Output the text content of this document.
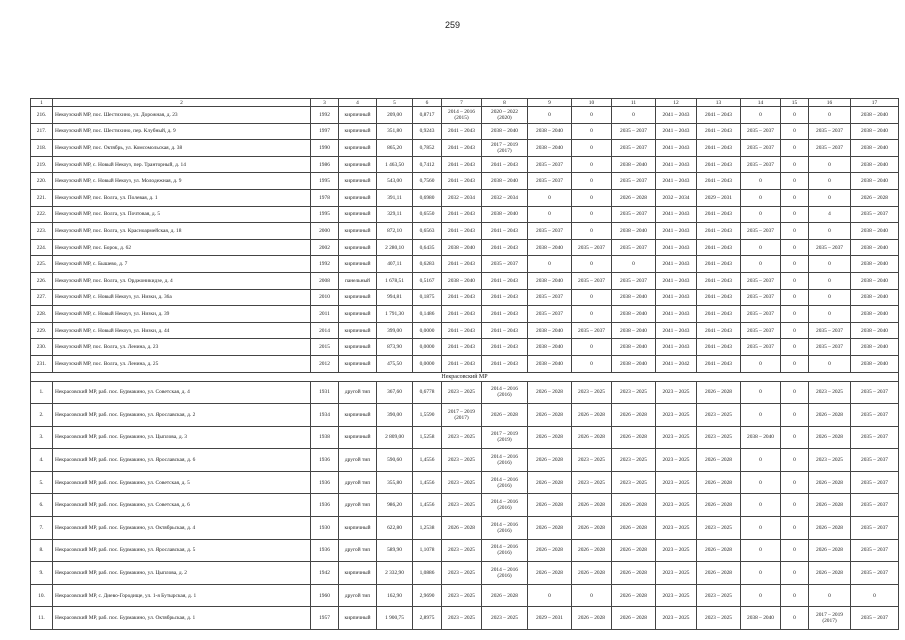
259
1	2	3	4	5	6	7	8	9	10	11	12	13	14	15	16	17
216.	Некоузский МР, пос. Шестихино, ул. Дорожная, д. 23	1992	кирпичный	209,00	0,8717	2014 – 2016 (2015)	2020 – 2022 (2020)	0	0	0	2041 – 2043	2041 – 2043	0	0	0	2038 – 2040
217.	Некоузский МР, пос. Шестихино, пер. Клубный, д. 9	1997	кирпичный	351,80	0,9243	2041 – 2043	2038 – 2040	2038 – 2040	0	2035 – 2037	2041 – 2043	2041 – 2043	2035 – 2037	0	2035 – 2037	2038 – 2040
218.	Некоузский МР, пос. Октябрь, ул. Комсомольская, д. 38	1990	кирпичный	865,20	0,7852	2041 – 2043	2017 – 2019 (2017)	2038 – 2040	0	2035 – 2037	2041 – 2043	2041 – 2043	2035 – 2037	0	2035 – 2037	2038 – 2040
219.	Некоузский МР, с. Новый Некоуз, пер. Транторный, д. 14	1986	кирпичный	1 463,50	0,7412	2041 – 2043	2041 – 2043	2035 – 2037	0	2038 – 2040	2041 – 2043	2041 – 2043	2035 – 2037	0	0	2038 – 2040
220.	Некоузский МР, с. Новый Некоуз, ул. Молодежная, д. 9	1995	кирпичный	543,00	0,7560	2041 – 2043	2038 – 2040	2035 – 2037	0	2035 – 2037	2041 – 2043	2041 – 2043	0	0	0	2038 – 2040
221.	Некоузский МР, пос. Волга, ул. Полевая, д. 1	1978	кирпичный	391,11	0,6980	2032 – 2034	2032 – 2034	0	0	2026 – 2028	2032 – 2034	2029 – 2031	0	0	0	2026 – 2028
222.	Некоузский МР, пос. Волга, ул. Почтовая, д. 5	1995	кирпичный	329,11	0,6550	2041 – 2043	2038 – 2040	0	0	2035 – 2037	2041 – 2043	2041 – 2043	0	0	4	2035 – 2037
223.	Некоузский МР, пос. Волга, ул. Красноармейская, д. 18	2000	кирпичный	872,10	0,6563	2041 – 2043	2041 – 2043	2035 – 2037	0	2038 – 2040	2041 – 2043	2041 – 2043	2035 – 2037	0	0	2038 – 2040
224.	Некоузский МР, пос. Борок, д. 62	2002	кирпичный	2 280,10	0,6435	2038 – 2040	2041 – 2043	2038 – 2040	2035 – 2037	2035 – 2037	2041 – 2043	2041 – 2043	0	0	2035 – 2037	2038 – 2040
225.	Некоузский МР, с. Бышево, д. 7	1992	кирпичный	407,11	0,6283	2041 – 2043	2035 – 2037	0	0	0	2041 – 2043	2041 – 2043	0	0	0	2038 – 2040
226.	Некоузский МР, пос. Волга, ул. Орджоникидзе, д. 4	2008	панельный	1 678,51	0,5167	2038 – 2040	2041 – 2043	2038 – 2040	2035 – 2037	2035 – 2037	2041 – 2043	2041 – 2043	2035 – 2037	0	0	2038 – 2040
227.	Некоузский МР, с. Новый Некоуз, ул. Низки, д. 36а	2010	кирпичный	994,81	0,1875	2041 – 2043	2041 – 2043	2035 – 2037	0	2038 – 2040	2041 – 2043	2041 – 2043	2035 – 2037	0	0	2038 – 2040
228.	Некоузский МР, с. Новый Некоуз, ул. Низки, д. 39	2011	кирпичный	1 791,30	0,1486	2041 – 2043	2041 – 2043	2035 – 2037	0	2038 – 2040	2041 – 2043	2041 – 2043	2035 – 2037	0	0	2038 – 2040
229.	Некоузский МР, с. Новый Некоуз, ул. Низки, д. 44	2014	кирпичный	399,00	0,0000	2041 – 2043	2041 – 2043	2038 – 2040	2035 – 2037	2038 – 2040	2041 – 2043	2041 – 2043	2035 – 2037	0	2035 – 2037	2038 – 2040
230.	Некоузский МР, пос. Волга, ул. Ленина, д. 23	2015	кирпичный	873,90	0,0000	2041 – 2043	2041 – 2043	2038 – 2040	0	2038 – 2040	2041 – 2043	2041 – 2043	2035 – 2037	0	2035 – 2037	2038 – 2040
231.	Некоузский МР, пос. Волга, ул. Ленина, д. 25	2012	кирпичный	475,50	0,0000	2041 – 2043	2041 – 2043	2038 – 2040	0	2038 – 2040	2041 – 2042	2041 – 2043	0	0	0	2038 – 2040
Некрасовский МР																
1.	Некрасовский МР, раб. пос. Бурмакино, ул. Советская, д. 4	1931	другой тип	367,60	0,6778	2023 – 2025	2014 – 2016 (2016)	2026 – 2028	2023 – 2025	2023 – 2025	2023 – 2025	2026 – 2028	0	0	2023 – 2025	2035 – 2037
2.	Некрасовский МР, раб. пос. Бурмакино, ул. Ярославская, д. 2	1934	кирпичный	390,00	1,5590	2017 – 2019 (2017)	2026 – 2028	2026 – 2028	2026 – 2028	2026 – 2028	2023 – 2025	2023 – 2025	0	0	2026 – 2028	2035 – 2037
3.	Некрасовский МР, раб. пос. Бурмакино, ул. Цыплова, д. 3	1938	кирпичный	2 809,00	1,5258	2023 – 2025	2017 – 2019 (2019)	2026 – 2028	2026 – 2028	2026 – 2028	2023 – 2025	2023 – 2025	2038 – 2040	0	2026 – 2028	2035 – 2037
4.	Некрасовский МР, раб. пос. Бурмакино, ул. Ярославская, д. 6	1936	другой тип	590,60	1,4556	2023 – 2025	2014 – 2016 (2016)	2026 – 2028	2023 – 2025	2023 – 2025	2023 – 2025	2026 – 2028	0	0	2023 – 2025	2035 – 2037
5.	Некрасовский МР, раб. пос. Бурмакино, ул. Советская, д. 5	1936	другой тип	355,80	1,4556	2023 – 2025	2014 – 2016 (2016)	2026 – 2028	2023 – 2025	2023 – 2025	2023 – 2025	2026 – 2028	0	0	2026 – 2028	2035 – 2037
6.	Некрасовский МР, раб. пос. Бурмакино, ул. Советская, д. 6	1936	другой тип	986,20	1,4556	2023 – 2025	2014 – 2016 (2016)	2026 – 2028	2026 – 2028	2026 – 2028	2023 – 2025	2026 – 2028	0	0	2026 – 2028	2035 – 2037
7.	Некрасовский МР, раб. пос. Бурмакино, ул. Октябрьская, д. 4	1930	кирпичный	622,80	1,2538	2026 – 2028	2014 – 2016 (2016)	2026 – 2028	2026 – 2028	2026 – 2028	2023 – 2025	2023 – 2025	0	0	2026 – 2028	2035 – 2037
8.	Некрасовский МР, раб. пос. Бурмакино, ул. Ярославская, д. 5	1936	другой тип	589,90	1,1078	2023 – 2025	2014 – 2016 (2016)	2026 – 2028	2026 – 2028	2026 – 2028	2023 – 2025	2026 – 2028	0	0	2026 – 2028	2035 – 2037
9.	Некрасовский МР, раб. пос. Бурмакино, ул. Цыплова, д. 2	1942	кирпичный	2 332,90	1,0886	2023 – 2025	2014 – 2016 (2016)	2026 – 2028	2026 – 2028	2026 – 2028	2023 – 2025	2026 – 2028	0	0	2026 – 2028	2035 – 2037
10.	Некрасовский МР, с. Диево-Городище, ул. 1-я Бутырская, д. 1	1960	другой тип	162,90	2,9690	2023 – 2025	2026 – 2028	0	0	2026 – 2028	2023 – 2025	2023 – 2025	0	0	0	0
11.	Некрасовский МР, раб. пос. Бурмакино, ул. Октябрьская, д. 1	1957	кирпичный	1 900,75	2,8975	2023 – 2025	2023 – 2025	2029 – 2031	2026 – 2028	2026 – 2028	2023 – 2025	2023 – 2025	2038 – 2040	0	2017 – 2019 (2017)	2035 – 2037
